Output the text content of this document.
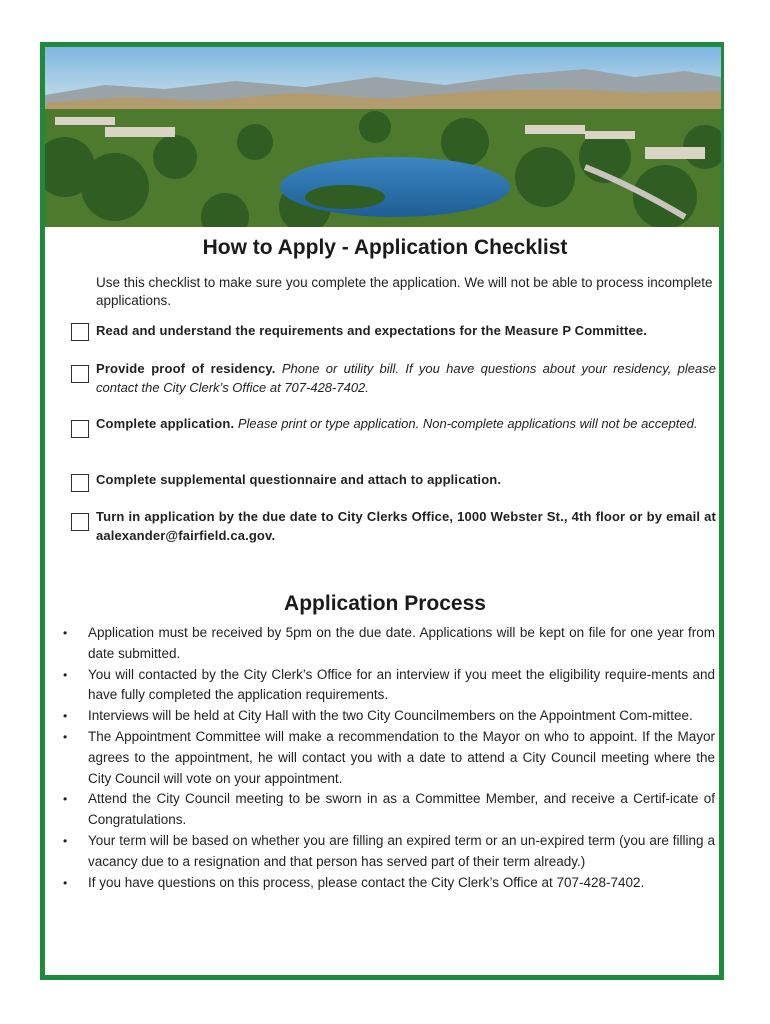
How to Apply - Application Checklist
Use this checklist to make sure you complete the application. We will not be able to process incomplete applications.
Read and understand the requirements and expectations for the Measure P Committee.
Provide proof of residency. Phone or utility bill. If you have questions about your residency, please contact the City Clerk’s Office at 707-428-7402.
Complete application. Please print or type application. Non-complete applications will not be accepted.
Complete supplemental questionnaire and attach to application.
Turn in application by the due date to City Clerks Office, 1000 Webster St., 4th floor or by email at aalexander@fairfield.ca.gov.
Application Process
• Application must be received by 5pm on the due date. Applications will be kept on file for one year from date submitted.
• You will contacted by the City Clerk’s Office for an interview if you meet the eligibility require-ments and have fully completed the application requirements.
• Interviews will be held at City Hall with the two City Councilmembers on the Appointment Com-mittee.
• The Appointment Committee will make a recommendation to the Mayor on who to appoint. If the Mayor agrees to the appointment, he will contact you with a date to attend a City Council meeting where the City Council will vote on your appointment.
• Attend the City Council meeting to be sworn in as a Committee Member, and receive a Certif-icate of Congratulations.
• Your term will be based on whether you are filling an expired term or an un-expired term (you are filling a vacancy due to a resignation and that person has served part of their term already.)
• If you have questions on this process, please contact the City Clerk’s Office at 707-428-7402.
